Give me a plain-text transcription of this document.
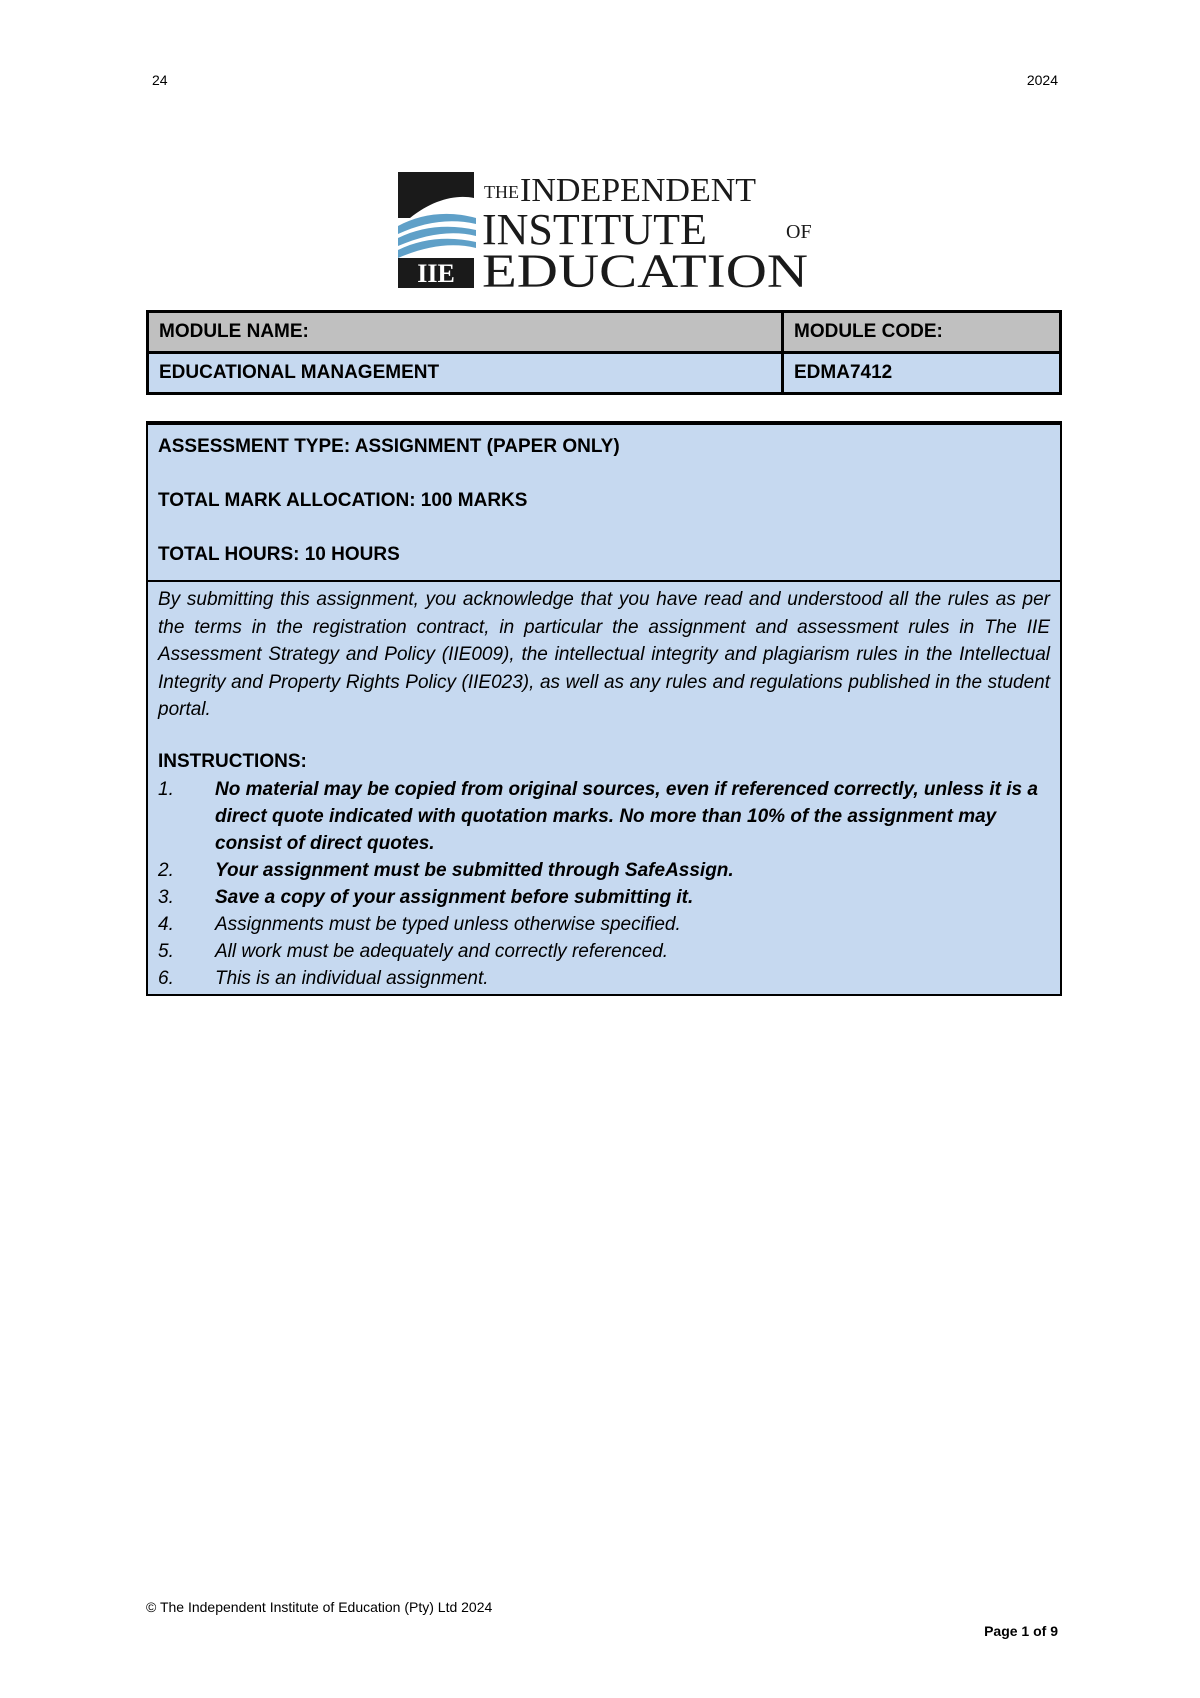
24	2024
IIE
THE INDEPENDENT
INSTITUTE	OF
EDUCATION
MODULE NAME:	MODULE CODE:
EDUCATIONAL MANAGEMENT	EDMA7412

ASSESSMENT TYPE: ASSIGNMENT (PAPER ONLY)

TOTAL MARK ALLOCATION: 100 MARKS

TOTAL HOURS: 10 HOURS

By submitting this assignment, you acknowledge that you have read and understood all the rules as per the terms in the registration contract, in particular the assignment and assessment rules in The IIE Assessment Strategy and Policy (IIE009), the intellectual integrity and plagiarism rules in the Intellectual Integrity and Property Rights Policy (IIE023), as well as any rules and regulations published in the student portal.

INSTRUCTIONS:

1. No material may be copied from original sources, even if referenced correctly, unless it is a direct quote indicated with quotation marks. No more than 10% of the assignment may consist of direct quotes.
2. Your assignment must be submitted through SafeAssign.
3. Save a copy of your assignment before submitting it.
4. Assignments must be typed unless otherwise specified.
5. All work must be adequately and correctly referenced.
6. This is an individual assignment.
© The Independent Institute of Education (Pty) Ltd 2024
Page 1 of 9
